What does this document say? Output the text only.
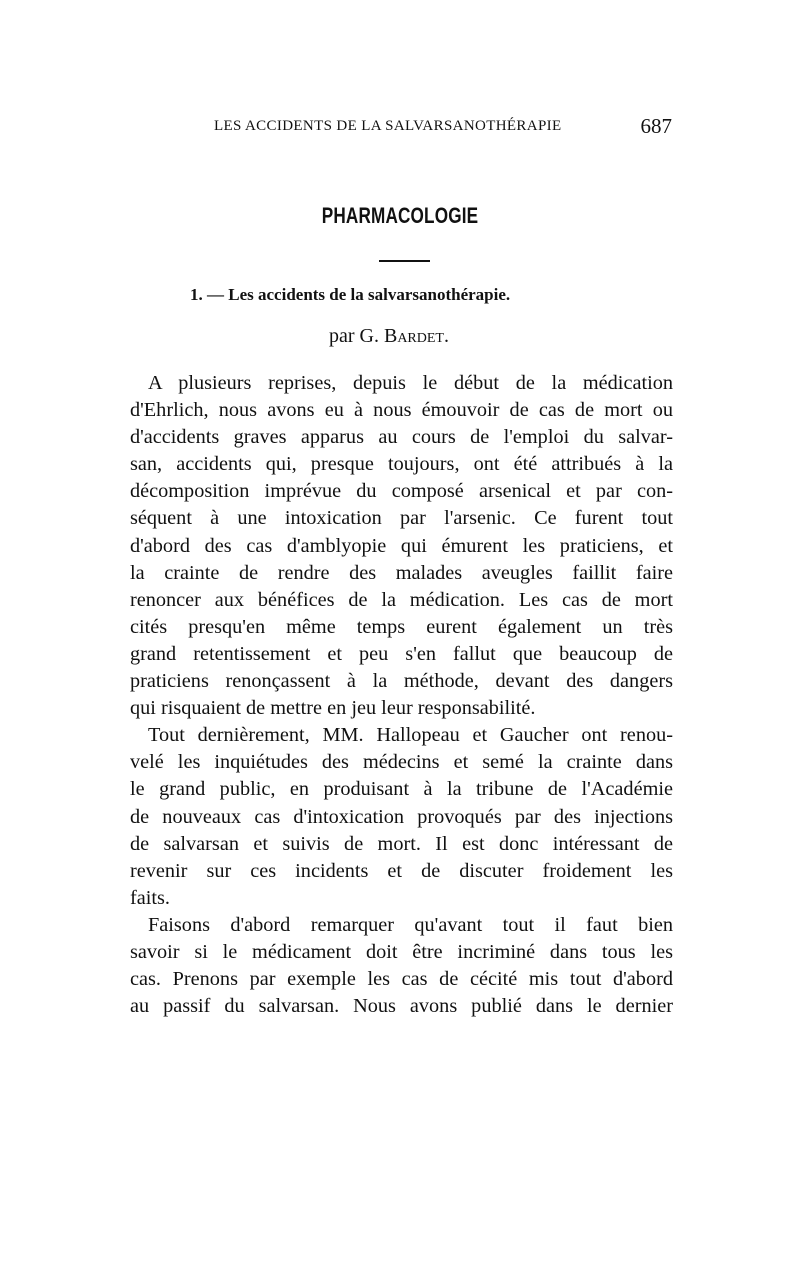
LES ACCIDENTS DE LA SALVARSANOTHÉRAPIE	687
PHARMACOLOGIE
1. — Les accidents de la salvarsanothérapie.
par G. Bardet.
A plusieurs reprises, depuis le début de la médication
d'Ehrlich, nous avons eu à nous émouvoir de cas de mort ou
d'accidents graves apparus au cours de l'emploi du salvar-
san, accidents qui, presque toujours, ont été attribués à la
décomposition imprévue du composé arsenical et par con-
séquent à une intoxication par l'arsenic. Ce furent tout
d'abord des cas d'amblyopie qui émurent les praticiens, et
la crainte de rendre des malades aveugles faillit faire
renoncer aux bénéfices de la médication. Les cas de mort
cités presqu'en même temps eurent également un très
grand retentissement et peu s'en fallut que beaucoup de
praticiens renonçassent à la méthode, devant des dangers
qui risquaient de mettre en jeu leur responsabilité.
Tout dernièrement, MM. Hallopeau et Gaucher ont renou-
velé les inquiétudes des médecins et semé la crainte dans
le grand public, en produisant à la tribune de l'Académie
de nouveaux cas d'intoxication provoqués par des injections
de salvarsan et suivis de mort. Il est donc intéressant de
revenir sur ces incidents et de discuter froidement les
faits.
Faisons d'abord remarquer qu'avant tout il faut bien
savoir si le médicament doit être incriminé dans tous les
cas. Prenons par exemple les cas de cécité mis tout d'abord
au passif du salvarsan. Nous avons publié dans le dernier
